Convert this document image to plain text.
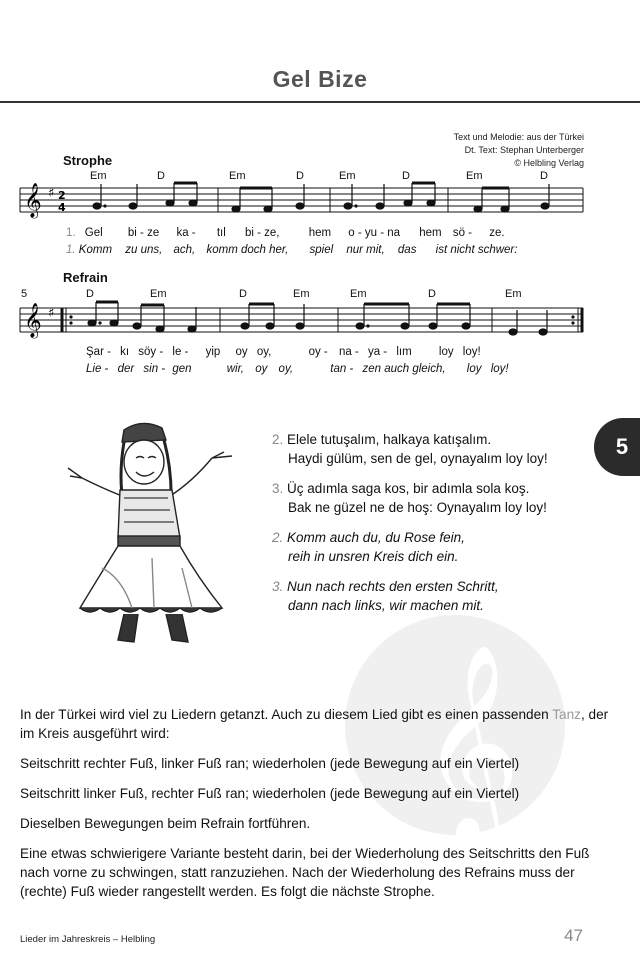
Gel Bize
Text und Melodie: aus der Türkei
Dt. Text: Stephan Unterberger
© Helbling Verlag
𝄞 ♯ 2
4
𝄞 ♯
Strophe
Em	D	Em	D	Em	D	Em	D
1. Gel bi - ze ka - tıl bi - ze,	hem o - yu - na hem sö - ze.
1. Komm zu uns, ach, komm doch her, spiel nur mit, das ist nicht schwer:
Refrain
5	D	Em	D	Em	Em	D	Em
Şar - kı söy - le - yip oy oy,	oy - na - ya - lım loy loy!
Lie - der sin - gen	wir, oy oy,	tan - zen auch gleich, loy loy!
2. Elele tutuşalım, halkaya katışalım.
Haydi gülüm, sen de gel, oynayalım loy loy!
3. Üç adımla saga kos, bir adımla sola koş.
Bak ne güzel ne de hoş: Oynayalım loy loy!
2. Komm auch du, du Rose fein,
reih in unsren Kreis dich ein.
3. Nun nach rechts den ersten Schritt,
dann nach links, wir machen mit.
5
𝄞

In der Türkei wird viel zu Liedern getanzt. Auch zu diesem Lied gibt es einen passenden Tanz, der im Kreis ausgeführt wird:

Seitschritt rechter Fuß, linker Fuß ran; wiederholen (jede Bewegung auf ein Viertel)

Seitschritt linker Fuß, rechter Fuß ran; wiederholen (jede Bewegung auf ein Viertel)

Dieselben Bewegungen beim Refrain fortführen.

Eine etwas schwierigere Variante besteht darin, bei der Wiederholung des Seitschritts den Fuß nach vorne zu schwingen, statt ranzuziehen. Nach der Wiederholung des Refrains muss der (rechte) Fuß wieder rangestellt werden. Es folgt die nächste Strophe.

Lieder im Jahreskreis – Helbling	47
